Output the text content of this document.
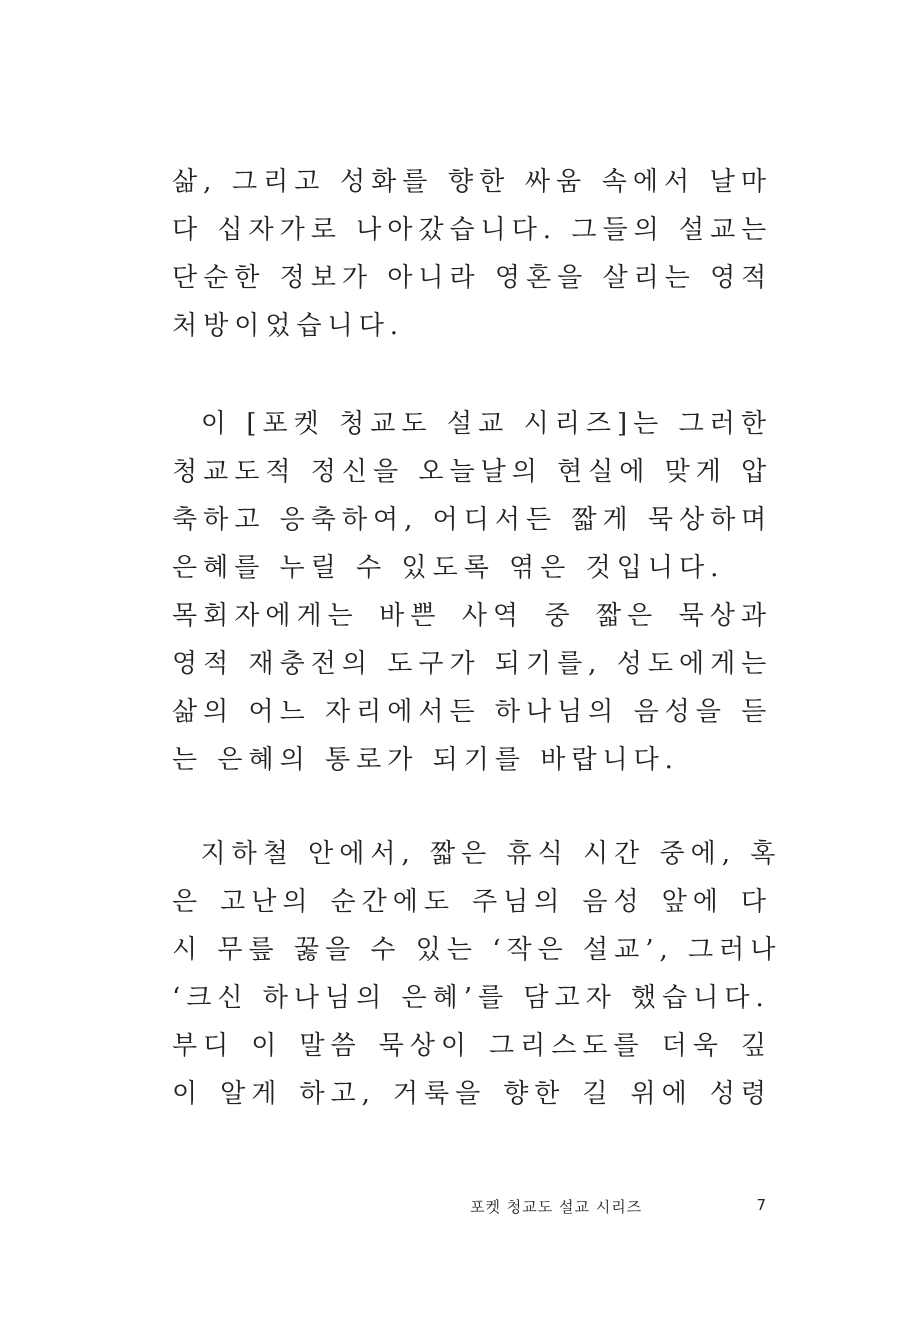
삶, 그리고 성화를 향한 싸움 속에서 날마
다 십자가로 나아갔습니다. 그들의 설교는
단순한 정보가 아니라 영혼을 살리는 영적
처방이었습니다.
이 [포켓 청교도 설교 시리즈]는 그러한
청교도적 정신을 오늘날의 현실에 맞게 압
축하고 응축하여, 어디서든 짧게 묵상하며
은혜를 누릴 수 있도록 엮은 것입니다.
목회자에게는 바쁜 사역 중 짧은 묵상과
영적 재충전의 도구가 되기를, 성도에게는
삶의 어느 자리에서든 하나님의 음성을 듣
는 은혜의 통로가 되기를 바랍니다.
지하철 안에서, 짧은 휴식 시간 중에, 혹
은 고난의 순간에도 주님의 음성 앞에 다
시 무릎 꿇을 수 있는 ‘작은 설교’, 그러나
‘크신 하나님의 은혜’를 담고자 했습니다.
부디 이 말씀 묵상이 그리스도를 더욱 깊
이 알게 하고, 거룩을 향한 길 위에 성령
포켓 청교도 설교 시리즈	7
